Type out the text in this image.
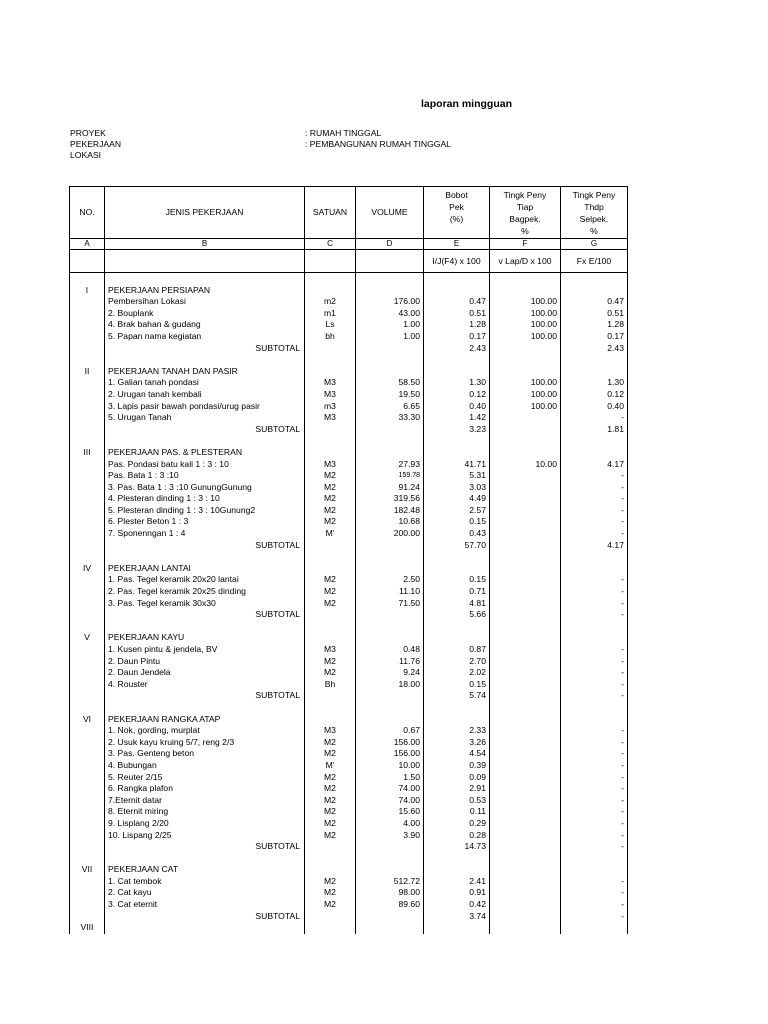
laporan mingguan
PROYEK	: RUMAH TINGGAL
PEKERJAAN	: PEMBANGUNAN RUMAH TINGGAL
LOKASI
NO.	JENIS PEKERJAAN	SATUAN	VOLUME	Bobot
Pek
(%)	Tingk Peny
Tiap
Bagpek.
%	Tingk Peny
Thdp
Selpek.
%

A	B	C	D	E	F	G
				I/J(F4) x 100	v Lap/D x 100	Fx E/100

I	PEKERJAAN PERSIAPAN					
	Pembersihan Lokasi	m2	176.00	0.47	100.00	0.47
	2. Bouplank	m1	43.00	0.51	100.00	0.51
	4. Brak bahan & gudang	Ls	1.00	1.28	100.00	1.28
	5. Papan nama kegiatan	bh	1.00	0.17	100.00	0.17
	SUBTOTAL			2.43		2.43

II	PEKERJAAN TANAH DAN PASIR					
	1. Galian tanah pondasi	M3	58.50	1.30	100.00	1.30
	2. Urugan tanah kembali	M3	19.50	0.12	100.00	0.12
	3. Lapis pasir bawah pondasi/urug pasir	m3	6.65	0.40	100.00	0.40
	5. Urugan Tanah	M3	33.30	1.42		-
	SUBTOTAL			3.23		1.81

III	PEKERJAAN PAS. & PLESTERAN					
	Pas. Pondasi batu kali 1 : 3 : 10	M3	27.93	41.71	10.00	4.17
	Pas. Bata 1 : 3 :10	M2	159.78	5.31		-
	3. Pas. Bata 1 : 3 :10 GunungGunung	M2	91.24	3.03		-
	4. Plesteran dinding 1 : 3 : 10	M2	319.56	4.49		-
	5. Plesteran dinding 1 : 3 : 10Gunung2	M2	182.48	2.57		-
	6. Plester Beton 1 : 3	M2	10.68	0.15		-
	7. Sponenngan 1 : 4	M'	200.00	0.43		-
	SUBTOTAL			57.70		4.17

IV	PEKERJAAN LANTAI					
	1. Pas. Tegel keramik 20x20 lantai	M2	2.50	0.15		-
	2. Pas. Tegel keramik 20x25 dinding	M2	11.10	0.71		-
	3. Pas. Tegel keramik 30x30	M2	71.50	4.81		-
	SUBTOTAL			5.66		-

V	PEKERJAAN KAYU					
	1. Kusen pintu & jendela, BV	M3	0.48	0.87		-
	2. Daun Pintu	M2	11.76	2.70		-
	2. Daun Jendela	M2	9.24	2.02		-
	4. Rouster	Bh	18.00	0.15		-
	SUBTOTAL			5.74		-

VI	PEKERJAAN RANGKA ATAP					
	1. Nok, gording, murplat	M3	0.67	2.33		-
	2. Usuk kayu kruing 5/7, reng 2/3	M2	156.00	3.26		-
	3. Pas. Genteng beton	M2	156.00	4.54		-
	4. Bubungan	M'	10.00	0.39		-
	5. Reuter 2/15	M2	1.50	0.09		-
	6. Rangka plafon	M2	74.00	2.91		-
	7.Eternit datar	M2	74.00	0.53		-
	8. Eternit miring	M2	15.60	0.11		-
	9. Lisplang 2/20	M2	4.00	0.29		-
	10. Lispang 2/25	M2	3.90	0.28		-
	SUBTOTAL			14.73		-

VII	PEKERJAAN CAT					
	1. Cat tembok	M2	512.72	2.41		-
	2. Cat kayu	M2	98.00	0.91		-
	3. Cat eternit	M2	89.60	0.42		-
	SUBTOTAL			3.74		-
VIII						
